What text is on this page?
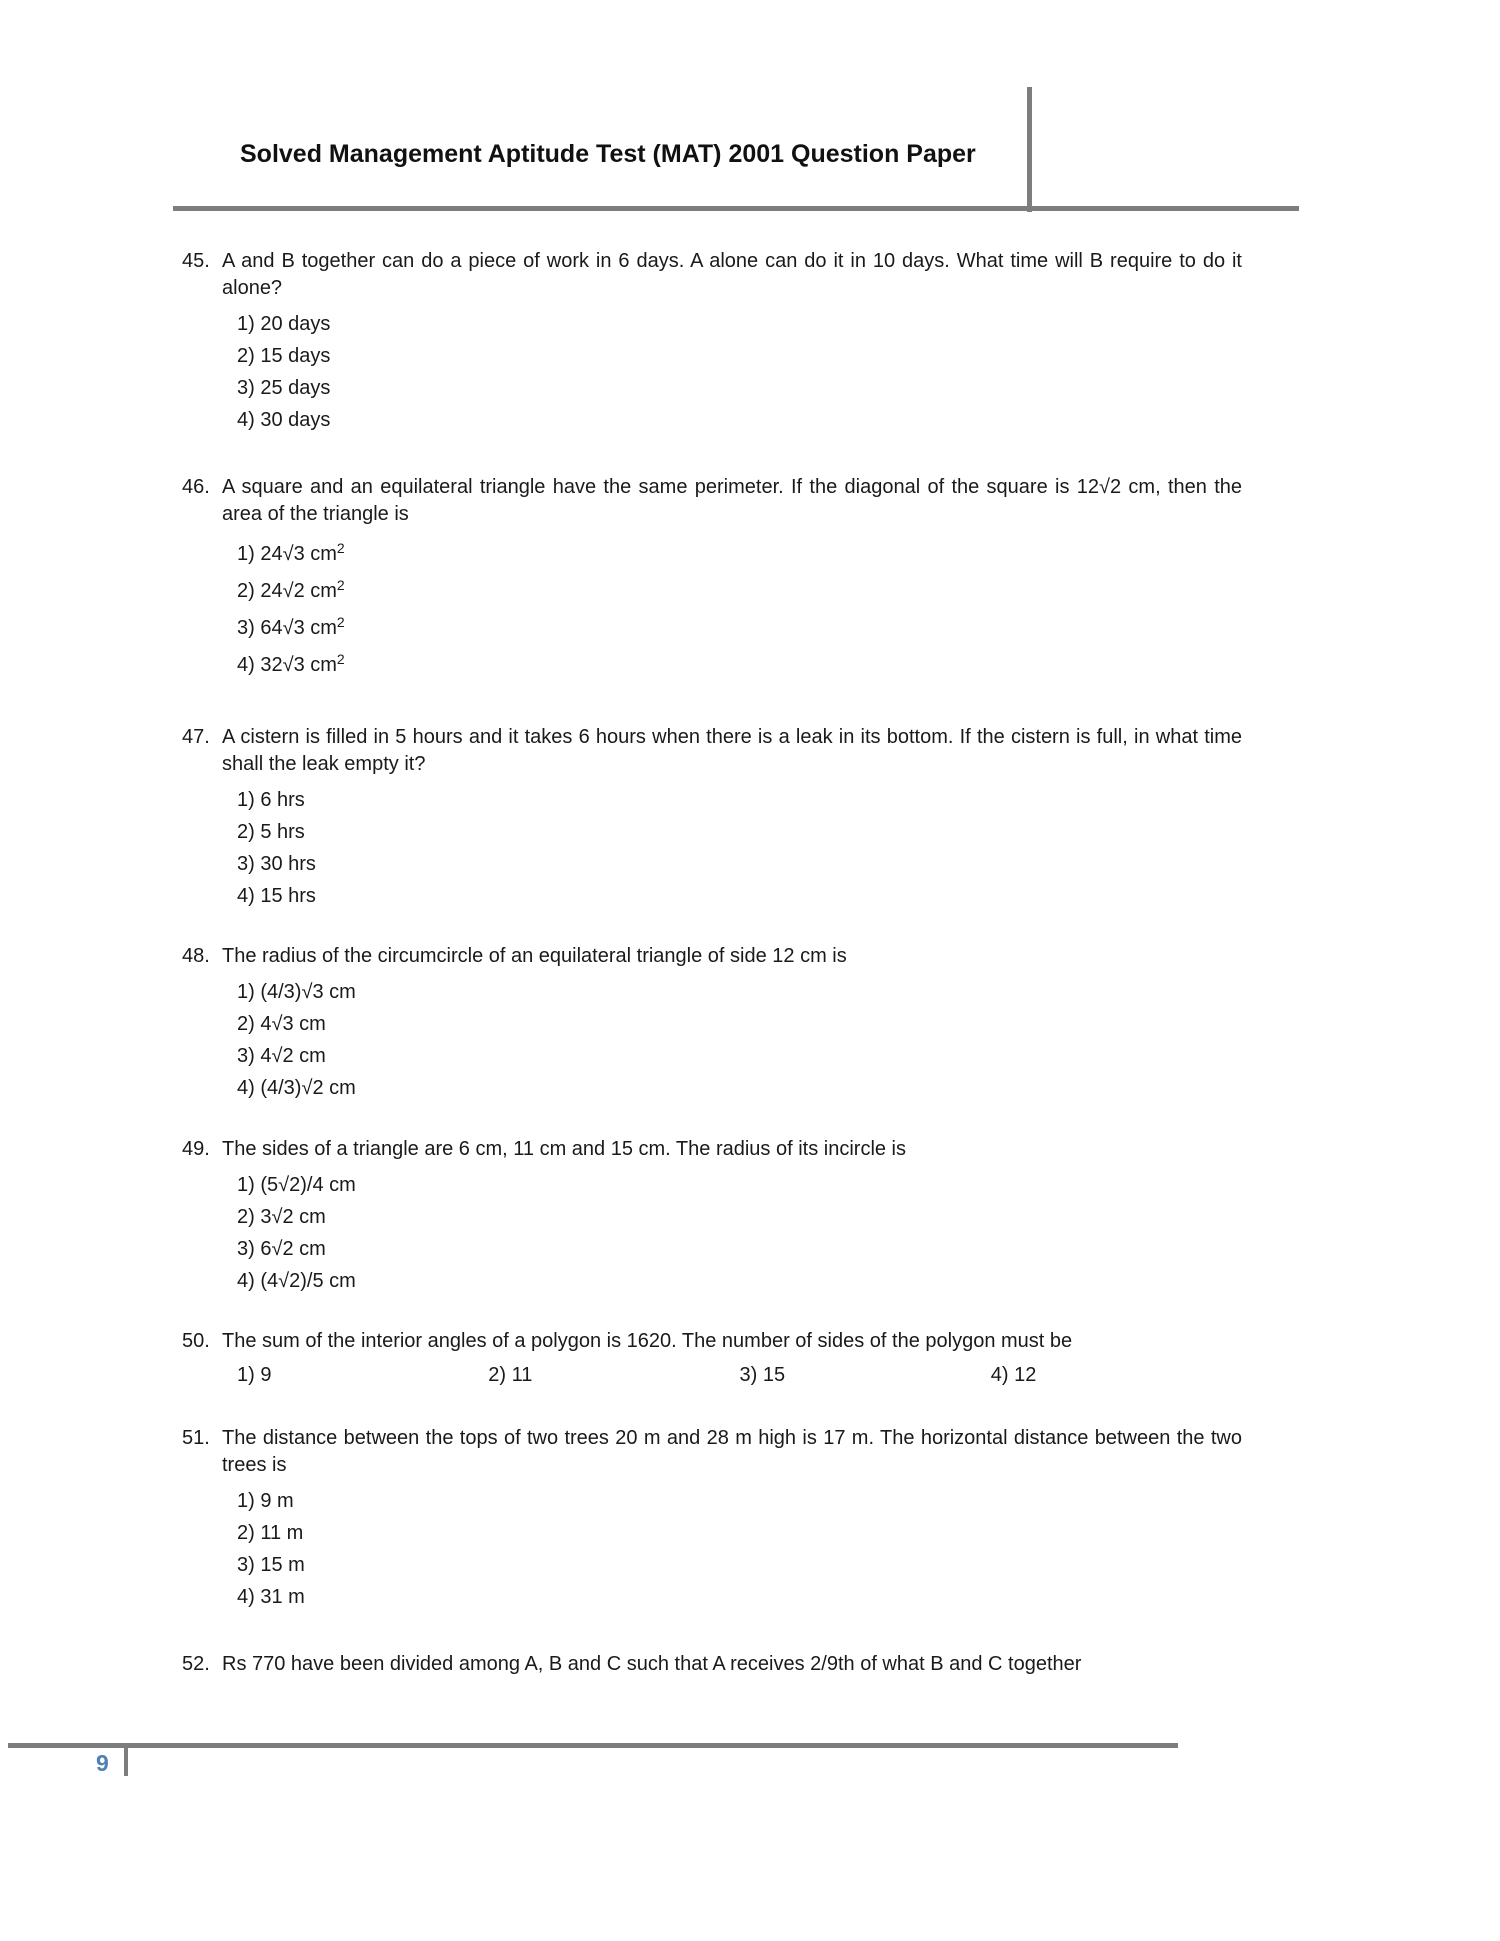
Solved Management Aptitude Test (MAT) 2001 Question Paper

45. A and B together can do a piece of work in 6 days. A alone can do it in 10 days. What time will B require to do it alone?

1) 20 days
2) 15 days
3) 25 days
4) 30 days

46. A square and an equilateral triangle have the same perimeter. If the diagonal of the square is 12√2 cm, then the area of the triangle is

1) 24√3 $cm^2$
2) 24√2 $cm^2$
3) 64√3 $cm^2$
4) 32√3 $cm^2$

47. A cistern is filled in 5 hours and it takes 6 hours when there is a leak in its bottom. If the cistern is full, in what time shall the leak empty it?

1) 6 hrs
2) 5 hrs
3) 30 hrs
4) 15 hrs

48. The radius of the circumcircle of an equilateral triangle of side 12 cm is

1) (4/3)√3 cm
2) 4√3 cm
3) 4√2 cm
4) (4/3)√2 cm

49. The sides of a triangle are 6 cm, 11 cm and 15 cm. The radius of its incircle is

1) (5√2)/4 cm
2) 3√2 cm
3) 6√2 cm
4) (4√2)/5 cm

50. The sum of the interior angles of a polygon is 1620. The number of sides of the polygon must be

1) 9	2) 11	3) 15	4) 12

51. The distance between the tops of two trees 20 m and 28 m high is 17 m. The horizontal distance between the two trees is

1) 9 m
2) 11 m
3) 15 m
4) 31 m

52. Rs 770 have been divided among A, B and C such that A receives 2/9th of what B and C together

9
